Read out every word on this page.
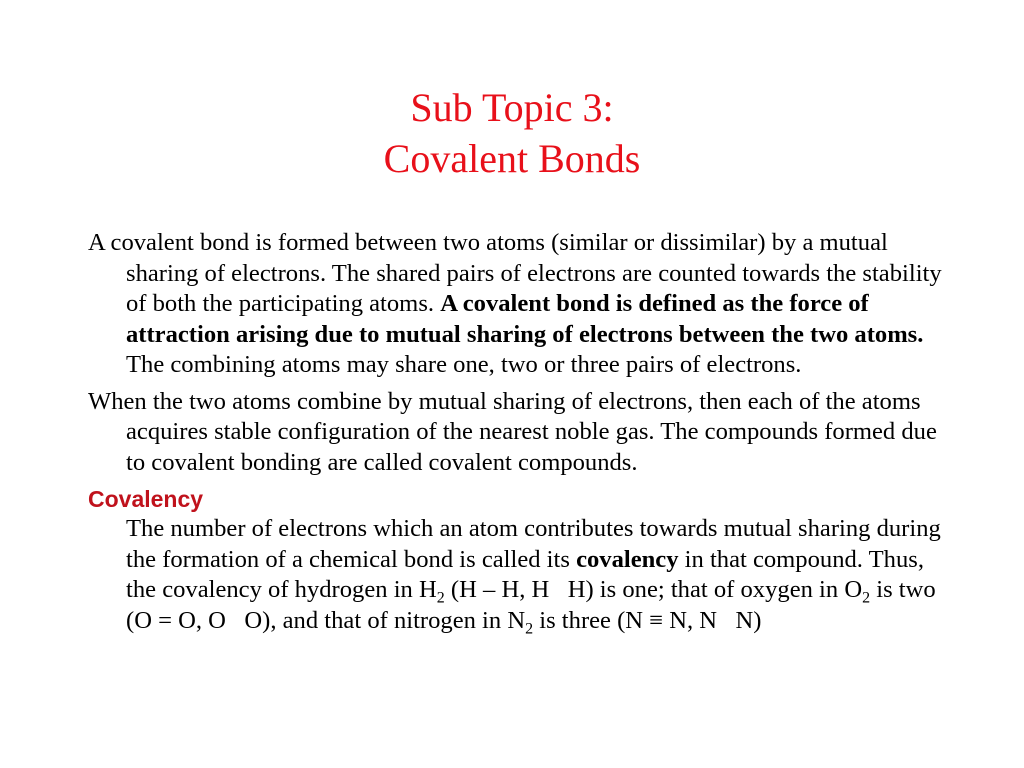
Sub Topic 3:
Covalent Bonds

A covalent bond is formed between two atoms (similar or dissimilar) by a mutual sharing of electrons. The shared pairs of electrons are counted towards the stability of both the participating atoms. A covalent bond is defined as the force of attraction arising due to mutual sharing of electrons between the two atoms. The combining atoms may share one, two or three pairs of electrons.

When the two atoms combine by mutual sharing of electrons, then each of the atoms acquires stable configuration of the nearest noble gas. The compounds formed due to covalent bonding are called covalent compounds.

Covalency

The number of electrons which an atom contributes towards mutual sharing during the formation of a chemical bond is called its covalency in that compound. Thus, the covalency of hydrogen in $H_2$ (H – H, H   H) is one; that of oxygen in $O_2$ is two (O = O, O   O), and that of nitrogen in $N_2$ is three (N ≡ N, N   N)
